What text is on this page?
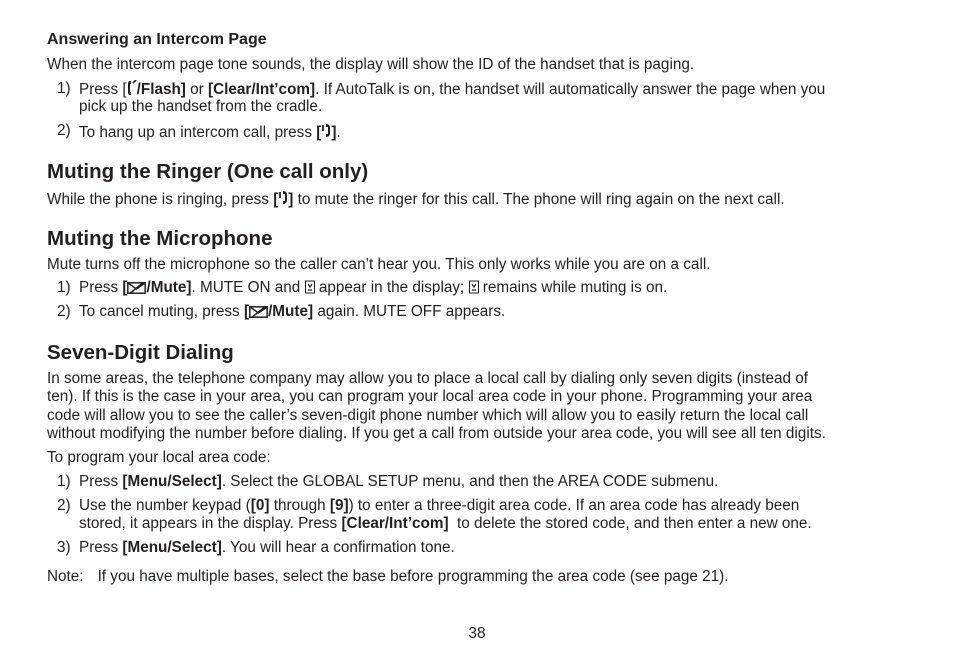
Answering an Intercom Page
When the intercom page tone sounds, the display will show the ID of the handset that is paging.
1) Press [ /Flash] or [Clear/Int’com]. If AutoTalk is on, the handset will automatically answer the page when you
pick up the handset from the cradle.
2) To hang up an intercom call, press [ ].
Muting the Ringer (One call only)
While the phone is ringing, press [ ] to mute the ringer for this call. The phone will ring again on the next call.
Muting the Microphone
Mute turns off the microphone so the caller can’t hear you. This only works while you are on a call.
1) Press [ /Mute]. MUTE ON and  appear in the display;  remains while muting is on.
2) To cancel muting, press [ /Mute] again. MUTE OFF appears.
Seven-Digit Dialing
In some areas, the telephone company may allow you to place a local call by dialing only seven digits (instead of
ten). If this is the case in your area, you can program your local area code in your phone. Programming your area
code will allow you to see the caller’s seven-digit phone number which will allow you to easily return the local call
without modifying the number before dialing. If you get a call from outside your area code, you will see all ten digits.
To program your local area code:
1) Press [Menu/Select]. Select the GLOBAL SETUP menu, and then the AREA CODE submenu.
2) Use the number keypad ([0] through [9]) to enter a three-digit area code. If an area code has already been
stored, it appears in the display. Press [Clear/Int’com]  to delete the stored code, and then enter a new one.
3) Press [Menu/Select]. You will hear a confirmation tone.
Note: If you have multiple bases, select the base before programming the area code (see page 21).
38
